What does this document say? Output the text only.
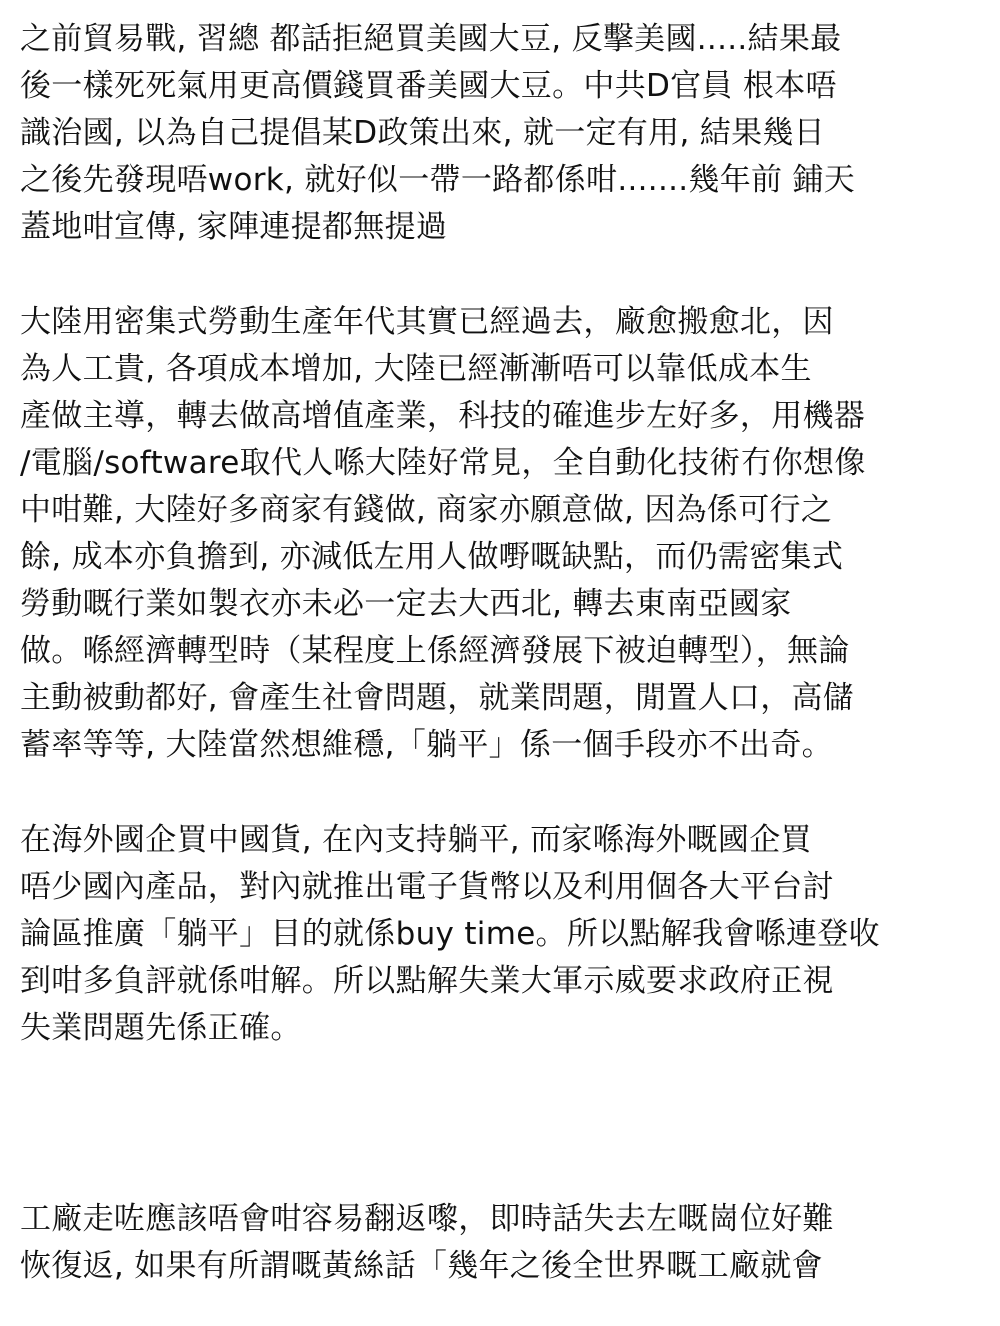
之前貿易戰, 習總 都話拒絕買美國大豆, 反擊美國.....結果最
後一樣死死氣用更高價錢買番美國大豆。中共D官員 根本唔
識治國, 以為自己提倡某D政策出來, 就一定有用, 結果幾日
之後先發現唔work, 就好似一帶一路都係咁.......幾年前 鋪天
蓋地咁宣傳, 家陣連提都無提過
大陸用密集式勞動生產年代其實已經過去，廠愈搬愈北，因
為人工貴, 各項成本增加, 大陸已經漸漸唔可以靠低成本生
產做主導，轉去做高增值產業，科技的確進步左好多，用機器
/電腦/software取代人喺大陸好常見，全自動化技術冇你想像
中咁難, 大陸好多商家有錢做, 商家亦願意做, 因為係可行之
餘, 成本亦負擔到, 亦減低左用人做嘢嘅缺點，而仍需密集式
勞動嘅行業如製衣亦未必一定去大西北, 轉去東南亞國家
做。喺經濟轉型時（某程度上係經濟發展下被迫轉型），無論
主動被動都好, 會產生社會問題，就業問題，閒置人口，高儲
蓄率等等, 大陸當然想維穩,「躺平」係一個手段亦不出奇。
在海外國企買中國貨, 在內支持躺平, 而家喺海外嘅國企買
唔少國內產品，對內就推出電子貨幣以及利用個各大平台討
論區推廣「躺平」目的就係buy time。所以點解我會喺連登收
到咁多負評就係咁解。所以點解失業大軍示威要求政府正視
失業問題先係正確。
工廠走咗應該唔會咁容易翻返嚟，即時話失去左嘅崗位好難
恢復返, 如果有所謂嘅黃絲話「幾年之後全世界嘅工廠就會
